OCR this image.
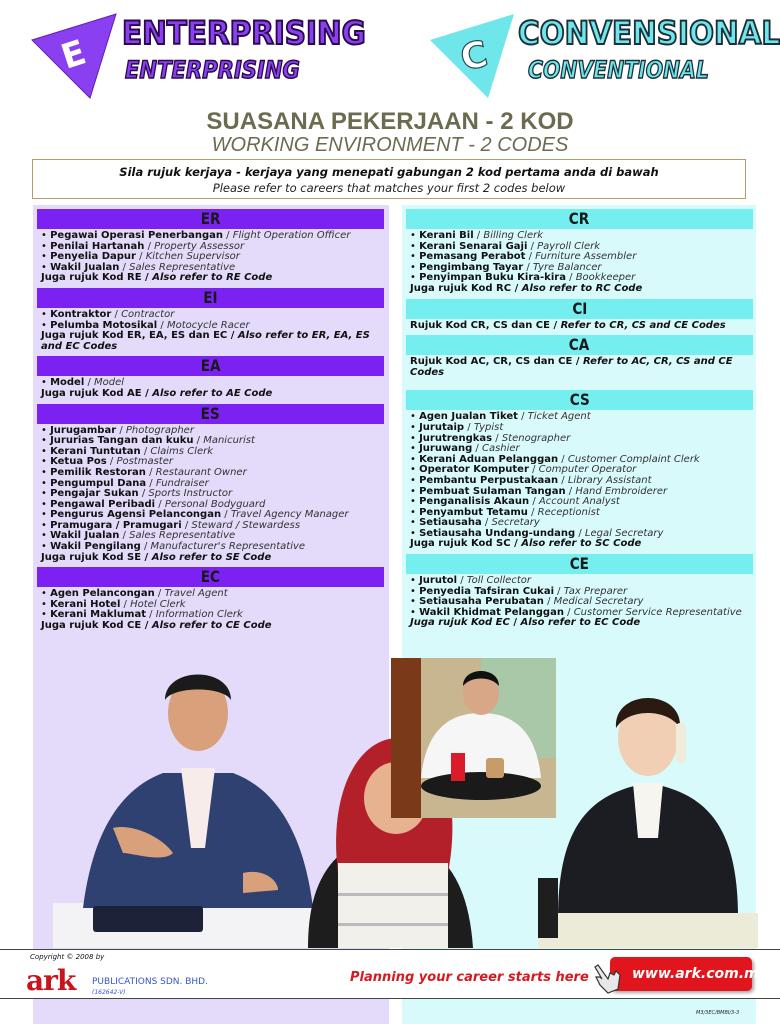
E ENTERPRISING
ENTERPRISING	C
CONVENSIONAL
CONVENTIONAL
SUASANA PEKERJAAN - 2 KOD
WORKING ENVIRONMENT - 2 CODES
Sila rujuk kerjaya - kerjaya yang menepati gabungan 2 kod pertama anda di bawah
Please refer to careers that matches your first 2 codes below
ER
• Pegawai Operasi Penerbangan / Flight Operation Officer
• Penilai Hartanah / Property Assessor
• Penyelia Dapur / Kitchen Supervisor
• Wakil Jualan / Sales Representative
Juga rujuk Kod RE / Also refer to RE Code
EI
• Kontraktor / Contractor
• Pelumba Motosikal / Motocycle Racer
Juga rujuk Kod ER, EA, ES dan EC / Also refer to ER, EA, ES and EC Codes
EA
• Model / Model
Juga rujuk Kod AE / Also refer to AE Code
ES
• Jurugambar / Photographer
• Jururias Tangan dan kuku / Manicurist
• Kerani Tuntutan / Claims Clerk
• Ketua Pos / Postmaster
• Pemilik Restoran / Restaurant Owner
• Pengumpul Dana / Fundraiser
• Pengajar Sukan / Sports Instructor
• Pengawal Peribadi / Personal Bodyguard
• Pengurus Agensi Pelancongan / Travel Agency Manager
• Pramugara / Pramugari / Steward / Stewardess
• Wakil Jualan / Sales Representative
• Wakil Pengilang / Manufacturer's Representative
Juga rujuk Kod SE / Also refer to SE Code
EC
• Agen Pelancongan / Travel Agent
• Kerani Hotel / Hotel Clerk
• Kerani Maklumat / Information Clerk
Juga rujuk Kod CE / Also refer to CE Code
CR
• Kerani Bil / Billing Clerk
• Kerani Senarai Gaji / Payroll Clerk
• Pemasang Perabot / Furniture Assembler
• Pengimbang Tayar / Tyre Balancer
• Penyimpan Buku Kira-kira / Bookkeeper
Juga rujuk Kod RC / Also refer to RC Code
CI
Rujuk Kod CR, CS dan CE / Refer to CR, CS and CE Codes
CA
Rujuk Kod AC, CR, CS dan CE / Refer to AC, CR, CS and CE Codes
CS
• Agen Jualan Tiket / Ticket Agent
• Jurutaip / Typist
• Jurutrengkas / Stenographer
• Juruwang / Cashier
• Kerani Aduan Pelanggan / Customer Complaint Clerk
• Operator Komputer / Computer Operator
• Pembantu Perpustakaan / Library Assistant
• Pembuat Sulaman Tangan / Hand Embroiderer
• Penganalisis Akaun / Account Analyst
• Penyambut Tetamu / Receptionist
• Setiausaha / Secretary
• Setiausaha Undang-undang / Legal Secretary
Juga rujuk Kod SC / Also refer to SC Code
CE
• Jurutol / Toll Collector
• Penyedia Tafsiran Cukai / Tax Preparer
• Setiausaha Perubatan / Medical Secretary
• Wakil Khidmat Pelanggan / Customer Service Representative
Juga rujuk Kod EC / Also refer to EC Code
Copyright © 2008 by
ark PUBLICATIONS SDN. BHD.
(162642-V)
Planning your career starts here	www.ark.com.my
M3/3EC/BMBI/3-3
